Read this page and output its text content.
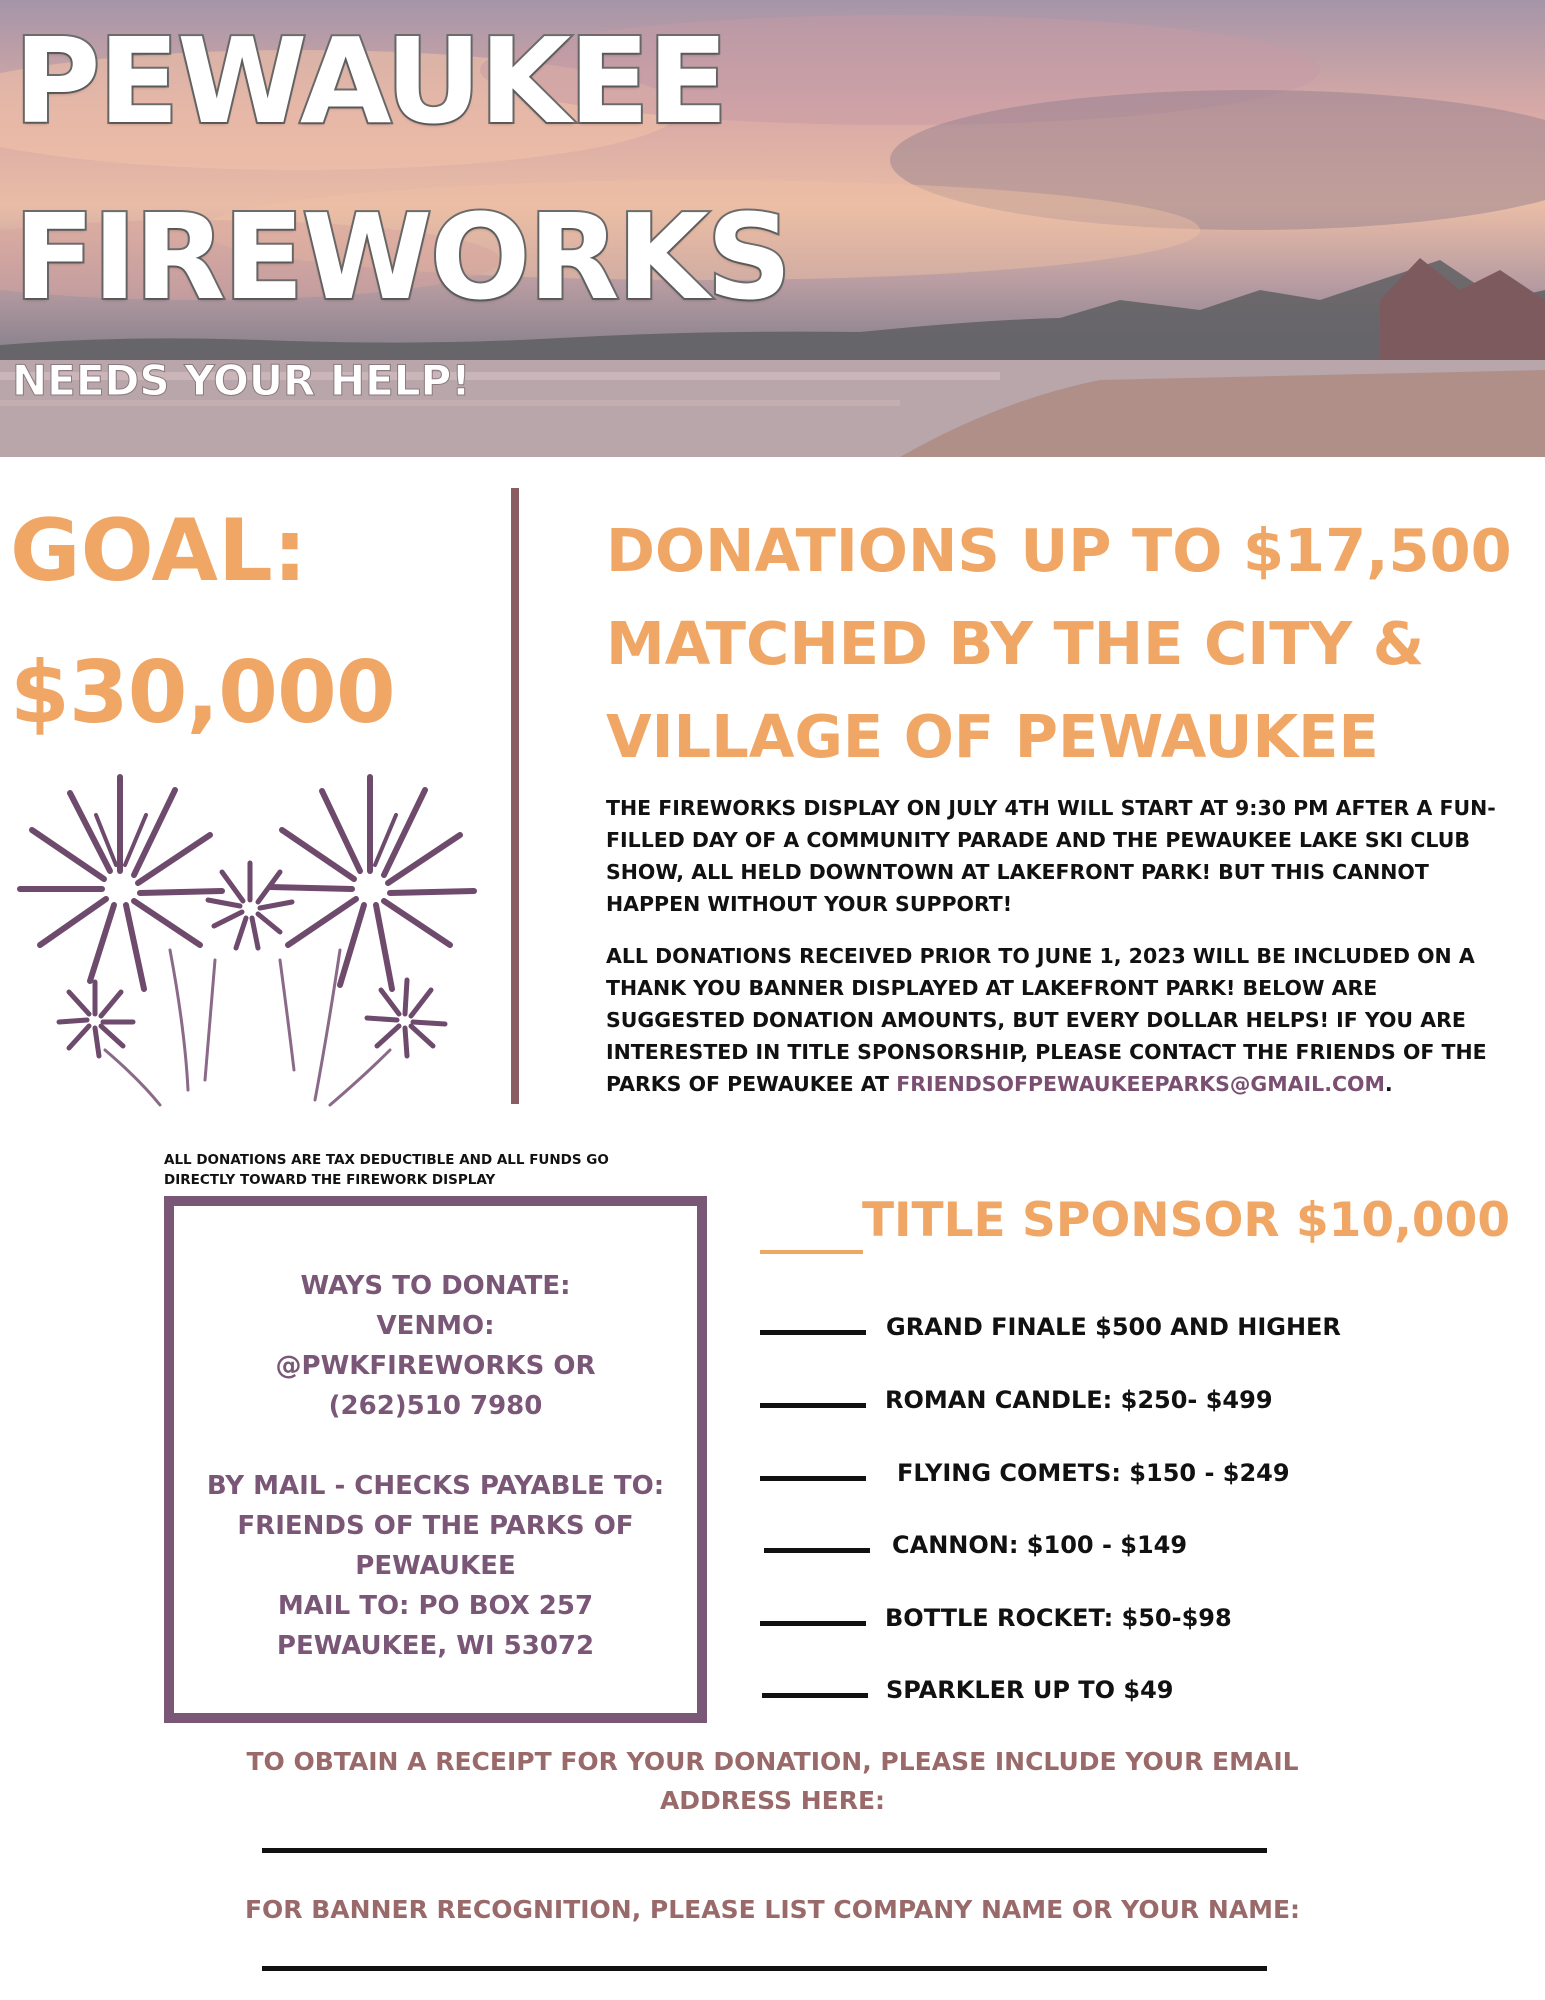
PEWAUKEE
FIREWORKS
NEEDS YOUR HELP!
GOAL:
$30,000
DONATIONS UP TO $17,500 MATCHED BY THE CITY & VILLAGE OF PEWAUKEE
THE FIREWORKS DISPLAY ON JULY 4TH WILL START AT 9:30 PM AFTER A FUN-FILLED DAY OF A COMMUNITY PARADE AND THE PEWAUKEE LAKE SKI CLUB SHOW, ALL HELD DOWNTOWN AT LAKEFRONT PARK! BUT THIS CANNOT HAPPEN WITHOUT YOUR SUPPORT!
ALL DONATIONS RECEIVED PRIOR TO JUNE 1, 2023 WILL BE INCLUDED ON A THANK YOU BANNER DISPLAYED AT LAKEFRONT PARK! BELOW ARE SUGGESTED DONATION AMOUNTS, BUT EVERY DOLLAR HELPS! IF YOU ARE INTERESTED IN TITLE SPONSORSHIP, PLEASE CONTACT THE FRIENDS OF THE PARKS OF PEWAUKEE AT FRIENDSOFPEWAUKEEPARKS@GMAIL.COM.
ALL DONATIONS ARE TAX DEDUCTIBLE AND ALL FUNDS GO DIRECTLY TOWARD THE FIREWORK DISPLAY
WAYS TO DONATE:
VENMO:
@PWKFIREWORKS OR
(262)510 7980
BY MAIL - CHECKS PAYABLE TO:
FRIENDS OF THE PARKS OF
PEWAUKEE
MAIL TO: PO BOX 257
PEWAUKEE, WI 53072
TITLE SPONSOR $10,000
GRAND FINALE $500 AND HIGHER
ROMAN CANDLE: $250- $499
FLYING COMETS: $150 - $249
CANNON: $100 - $149
BOTTLE ROCKET: $50-$98
SPARKLER UP TO $49
TO OBTAIN A RECEIPT FOR YOUR DONATION, PLEASE INCLUDE YOUR EMAIL ADDRESS HERE:
FOR BANNER RECOGNITION, PLEASE LIST COMPANY NAME OR YOUR NAME:
